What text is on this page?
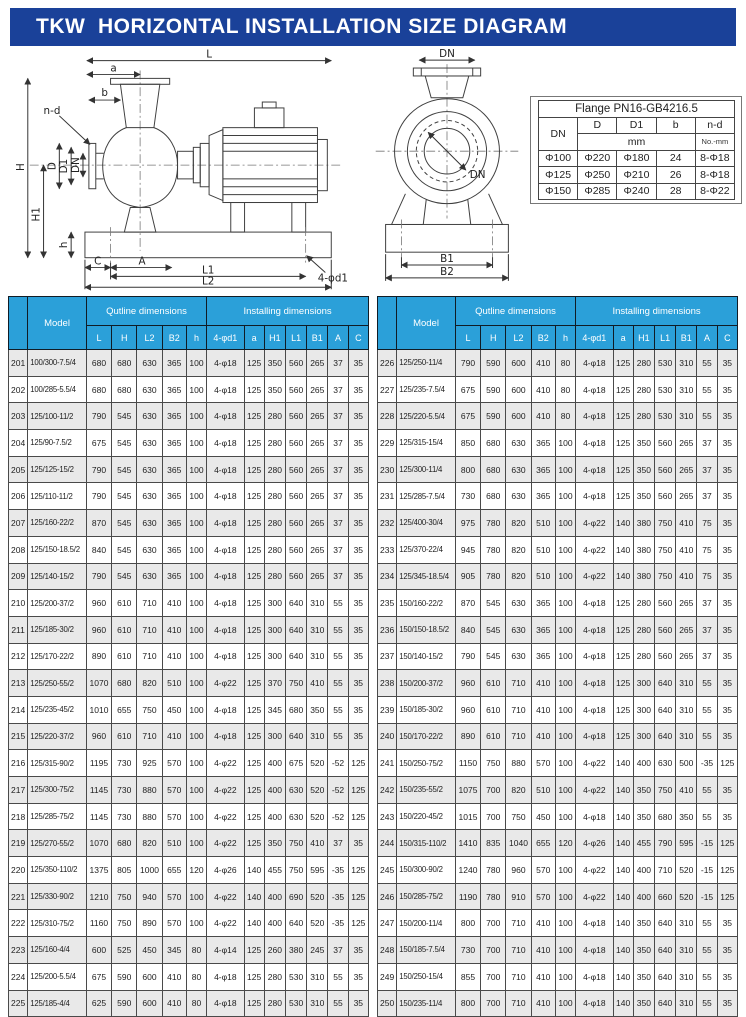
TKW  HORIZONTAL INSTALLATION SIZE DIAGRAM
L
a
b
n-d
H
H1
D D1 DN
h
C	A
L1
L2	4-φd1
DN
DN
B1
B2
Flange PN16-GB4216.5				
DN	D	D1	b	n-d
	mm			No.-mm
Φ100	Φ220	Φ180	24	8-Φ18
Φ125	Φ250	Φ210	26	8-Φ18
Φ150	Φ285	Φ240	28	8-Φ22
	Model	Qutline dimensions					Installing dimensions						
		L	H	L2	B2	h	4-φd1	a	H1	L1	B1	A	C
201	100/300-7.5/4	680	680	630	365	100	4-φ18	125	350	560	265	37	35
202	100/285-5.5/4	680	680	630	365	100	4-φ18	125	350	560	265	37	35
203	125/100-11/2	790	545	630	365	100	4-φ18	125	280	560	265	37	35
204	125/90-7.5/2	675	545	630	365	100	4-φ18	125	280	560	265	37	35
205	125/125-15/2	790	545	630	365	100	4-φ18	125	280	560	265	37	35
206	125/110-11/2	790	545	630	365	100	4-φ18	125	280	560	265	37	35
207	125/160-22/2	870	545	630	365	100	4-φ18	125	280	560	265	37	35
208	125/150-18.5/2	840	545	630	365	100	4-φ18	125	280	560	265	37	35
209	125/140-15/2	790	545	630	365	100	4-φ18	125	280	560	265	37	35
210	125/200-37/2	960	610	710	410	100	4-φ18	125	300	640	310	55	35
211	125/185-30/2	960	610	710	410	100	4-φ18	125	300	640	310	55	35
212	125/170-22/2	890	610	710	410	100	4-φ18	125	300	640	310	55	35
213	125/250-55/2	1070	680	820	510	100	4-φ22	125	370	750	410	55	35
214	125/235-45/2	1010	655	750	450	100	4-φ18	125	345	680	350	55	35
215	125/220-37/2	960	610	710	410	100	4-φ18	125	300	640	310	55	35
216	125/315-90/2	1195	730	925	570	100	4-φ22	125	400	675	520	-52	125
217	125/300-75/2	1145	730	880	570	100	4-φ22	125	400	630	520	-52	125
218	125/285-75/2	1145	730	880	570	100	4-φ22	125	400	630	520	-52	125
219	125/270-55/2	1070	680	820	510	100	4-φ22	125	350	750	410	37	35
220	125/350-110/2	1375	805	1000	655	120	4-φ26	140	455	750	595	-35	125
221	125/330-90/2	1210	750	940	570	100	4-φ22	140	400	690	520	-35	125
222	125/310-75/2	1160	750	890	570	100	4-φ22	140	400	640	520	-35	125
223	125/160-4/4	600	525	450	345	80	4-φ14	125	260	380	245	37	35
224	125/200-5.5/4	675	590	600	410	80	4-φ18	125	280	530	310	55	35
225	125/185-4/4	625	590	600	410	80	4-φ18	125	280	530	310	55	35
	Model	Qutline dimensions					Installing dimensions						
		L	H	L2	B2	h	4-φd1	a	H1	L1	B1	A	C
226	125/250-11/4	790	590	600	410	80	4-φ18	125	280	530	310	55	35
227	125/235-7.5/4	675	590	600	410	80	4-φ18	125	280	530	310	55	35
228	125/220-5.5/4	675	590	600	410	80	4-φ18	125	280	530	310	55	35
229	125/315-15/4	850	680	630	365	100	4-φ18	125	350	560	265	37	35
230	125/300-11/4	800	680	630	365	100	4-φ18	125	350	560	265	37	35
231	125/285-7.5/4	730	680	630	365	100	4-φ18	125	350	560	265	37	35
232	125/400-30/4	975	780	820	510	100	4-φ22	140	380	750	410	75	35
233	125/370-22/4	945	780	820	510	100	4-φ22	140	380	750	410	75	35
234	125/345-18.5/4	905	780	820	510	100	4-φ22	140	380	750	410	75	35
235	150/160-22/2	870	545	630	365	100	4-φ18	125	280	560	265	37	35
236	150/150-18.5/2	840	545	630	365	100	4-φ18	125	280	560	265	37	35
237	150/140-15/2	790	545	630	365	100	4-φ18	125	280	560	265	37	35
238	150/200-37/2	960	610	710	410	100	4-φ18	125	300	640	310	55	35
239	150/185-30/2	960	610	710	410	100	4-φ18	125	300	640	310	55	35
240	150/170-22/2	890	610	710	410	100	4-φ18	125	300	640	310	55	35
241	150/250-75/2	1150	750	880	570	100	4-φ22	140	400	630	500	-35	125
242	150/235-55/2	1075	700	820	510	100	4-φ22	140	350	750	410	55	35
243	150/220-45/2	1015	700	750	450	100	4-φ18	140	350	680	350	55	35
244	150/315-110/2	1410	835	1040	655	120	4-φ26	140	455	790	595	-15	125
245	150/300-90/2	1240	780	960	570	100	4-φ22	140	400	710	520	-15	125
246	150/285-75/2	1190	780	910	570	100	4-φ22	140	400	660	520	-15	125
247	150/200-11/4	800	700	710	410	100	4-φ18	140	350	640	310	55	35
248	150/185-7.5/4	730	700	710	410	100	4-φ18	140	350	640	310	55	35
249	150/250-15/4	855	700	710	410	100	4-φ18	140	350	640	310	55	35
250	150/235-11/4	800	700	710	410	100	4-φ18	140	350	640	310	55	35
